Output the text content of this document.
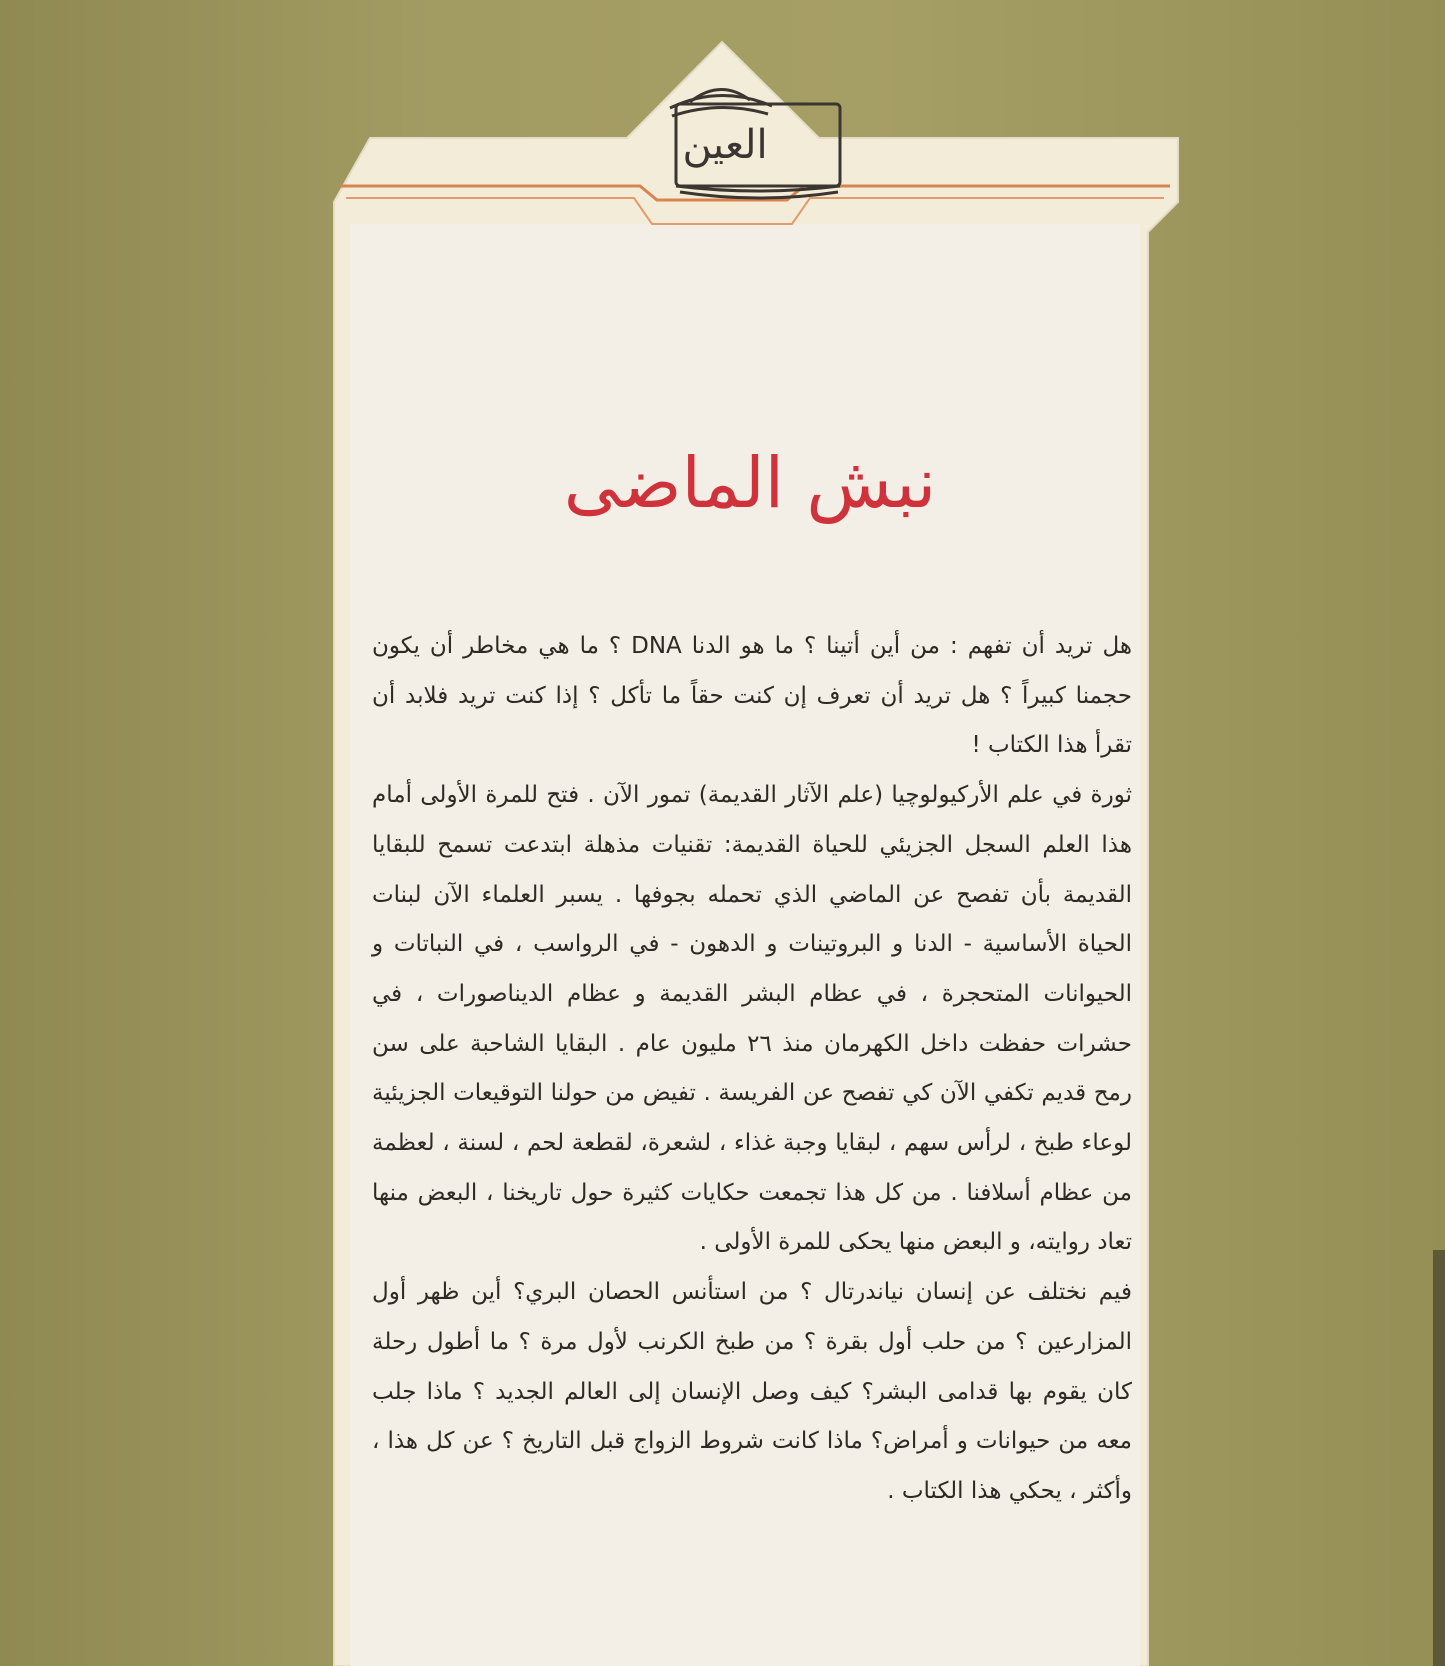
العين
نبش الماضى

هل تريد أن تفهم : من أين أتينا ؟ ما هو الدنا DNA ؟ ما هي مخاطر أن يكون حجمنا كبيراً ؟ هل تريد أن تعرف إن كنت حقاً ما تأكل ؟ إذا كنت تريد فلابد أن تقرأ هذا الكتاب !

ثورة في علم الأركيولوچيا (علم الآثار القديمة) تمور الآن . فتح للمرة الأولى أمام هذا العلم السجل الجزيئي للحياة القديمة: تقنيات مذهلة ابتدعت تسمح للبقايا القديمة بأن تفصح عن الماضي الذي تحمله بجوفها . يسبر العلماء الآن لبنات الحياة الأساسية - الدنا و البروتينات و الدهون - في الرواسب ، في النباتات و الحيوانات المتحجرة ، في عظام البشر القديمة و عظام الديناصورات ، في حشرات حفظت داخل الكهرمان منذ ٢٦ مليون عام . البقايا الشاحبة على سن رمح قديم تكفي الآن كي تفصح عن الفريسة . تفيض من حولنا التوقيعات الجزيئية لوعاء طبخ ، لرأس سهم ، لبقايا وجبة غذاء ، لشعرة، لقطعة لحم ، لسنة ، لعظمة من عظام أسلافنا . من كل هذا تجمعت حكايات كثيرة حول تاريخنا ، البعض منها تعاد روايته، و البعض منها يحكى للمرة الأولى .

فيم نختلف عن إنسان نياندرتال ؟ من استأنس الحصان البري؟ أين ظهر أول المزارعين ؟ من حلب أول بقرة ؟ من طبخ الكرنب لأول مرة ؟ ما أطول رحلة كان يقوم بها قدامى البشر؟ كيف وصل الإنسان إلى العالم الجديد ؟ ماذا جلب معه من حيوانات و أمراض؟ ماذا كانت شروط الزواج قبل التاريخ ؟ عن كل هذا ، وأكثر ، يحكي هذا الكتاب .
